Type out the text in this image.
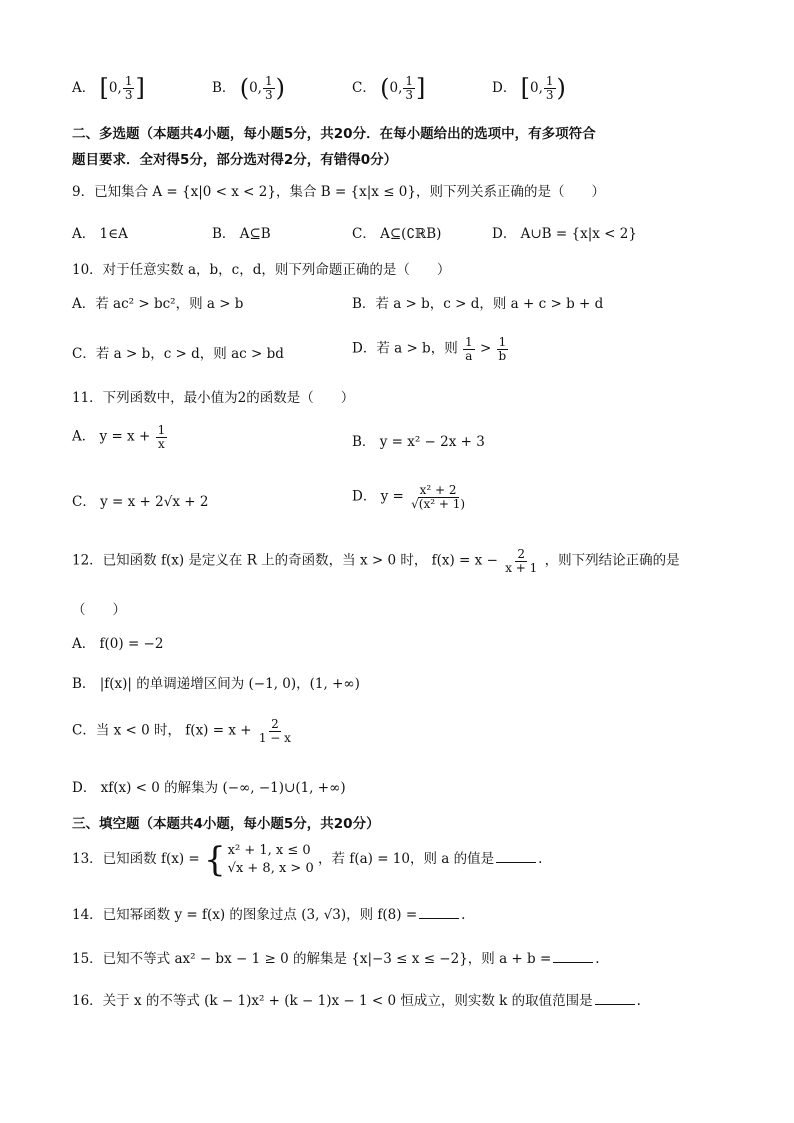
A． [0, $\frac{1}{3}$ ]	B． (0, $\frac{1}{3}$ )	C． (0, $\frac{1}{3}$ ]	D． [0, $\frac{1}{3}$ )
二、多选题（本题共4小题，每小题5分，共20分．在每小题给出的选项中，有多项符合
题目要求．全对得5分，部分选对得2分，有错得0分）
9．已知集合 A = {x|0 < x < 2}，集合 B = {x|x ≤ 0}，则下列关系正确的是（　　）
A． 1∈A	B． A⊆B	C． A⊆(∁ℝB)	D． A∪B = {x|x < 2}
10．对于任意实数 a，b，c，d，则下列命题正确的是（　　）
A．若 ac² > bc²，则 a > b	B．若 a > b，c > d，则 a + c > b + d
C．若 a > b，c > d，则 ac > bd	D．若 a > b，则 $\frac{1}{a} > \frac{1}{b}$
11．下列函数中，最小值为2的函数是（　　）
A． $y = x + \frac{1}{x}$	B． y = x² − 2x + 3
C． y = x + 2√x + 2	D． $y = \frac{\text{x² + 2}}{\text{√(x² + 1)}}$
12．已知函数 f(x) 是定义在 R 上的奇函数，当 x > 0 时， $f(x) = x - \frac{2}{x + 1}$ ，则下列结论正确的是
（　　）
A． f(0) = −2
B． |f(x)| 的单调递增区间为 (−1, 0)，(1, +∞)
C．当 x < 0 时， $f(x) = x + \frac{2}{1 - x}$
D． xf(x) < 0 的解集为 (−∞, −1)∪(1, +∞)
三、填空题（本题共4小题，每小题5分，共20分）
13．已知函数 f(x) = { x² + 1, x ≤ 0
√x + 8, x > 0
，若 f(a) = 10，则 a 的值是	.
14．已知幂函数 y = f(x) 的图象过点 (3, √3)，则 f(8) =	.
15．已知不等式 ax² − bx − 1 ≥ 0 的解集是 {x|−3 ≤ x ≤ −2}，则 a + b =	.
16．关于 x 的不等式 (k − 1)x² + (k − 1)x − 1 < 0 恒成立，则实数 k 的取值范围是	.
